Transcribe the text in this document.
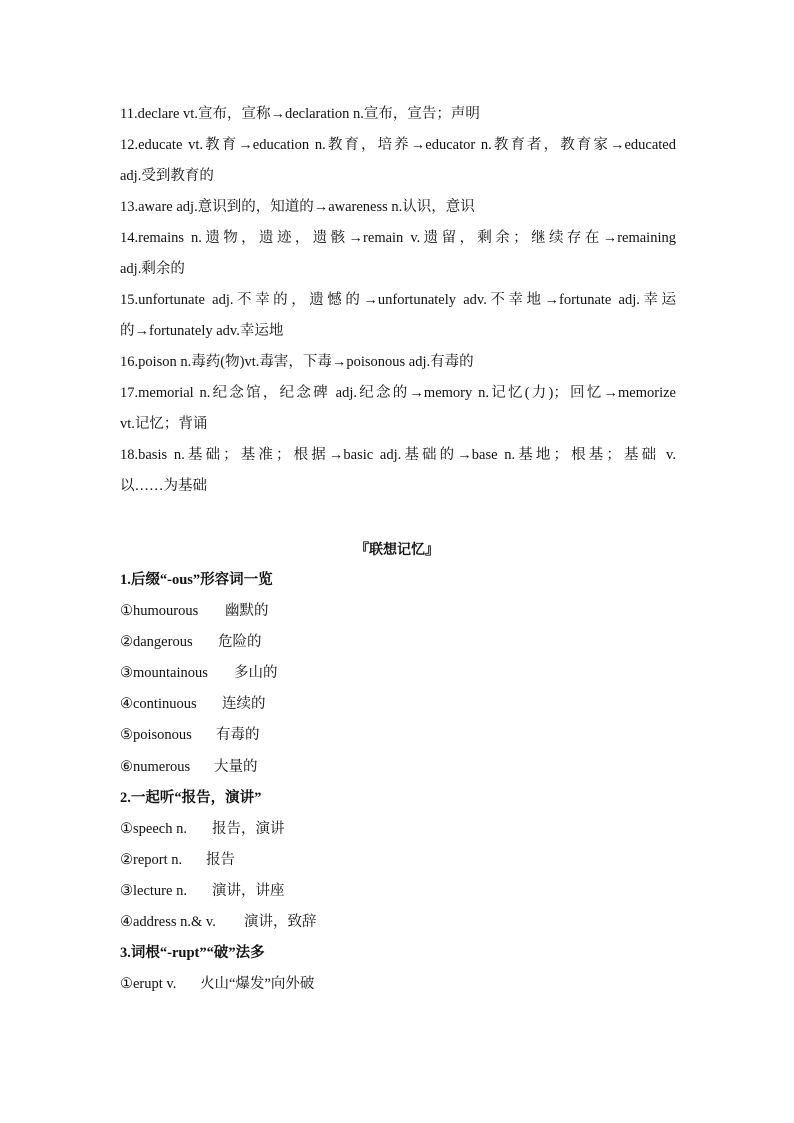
11.declare vt.宣布，宣称→declaration n.宣布，宣告；声明
12.educate vt.教育→education n.教育，培养→educator n.教育者，教育家→educated
adj.受到教育的
13.aware adj.意识到的，知道的→awareness n.认识，意识
14.remains n.遗物，遗迹，遗骸→remain v.遗留，剩余；继续存在→remaining
adj.剩余的
15.unfortunate adj.不幸的，遗憾的→unfortunately adv.不幸地→fortunate adj.幸运
的→fortunately adv.幸运地
16.poison n.毒药(物)vt.毒害，下毒→poisonous adj.有毒的
17.memorial n.纪念馆，纪念碑 adj.纪念的→memory n.记忆(力)；回忆→memorize
vt.记忆；背诵
18.basis n.基础；基准；根据→basic adj.基础的→base n.基地；根基；基础 v.
以……为基础
『联想记忆』
1.后缀“-ous”形容词一览
①humourous 幽默的
②dangerous 危险的
③mountainous 多山的
④continuous 连续的
⑤poisonous 有毒的
⑥numerous 大量的
2.一起听“报告，演讲”
①speech n. 报告，演讲
②report n. 报告
③lecture n. 演讲，讲座
④address n.& v. 演讲，致辞
3.词根“-rupt”“破”法多
①erupt v. 火山“爆发”向外破
